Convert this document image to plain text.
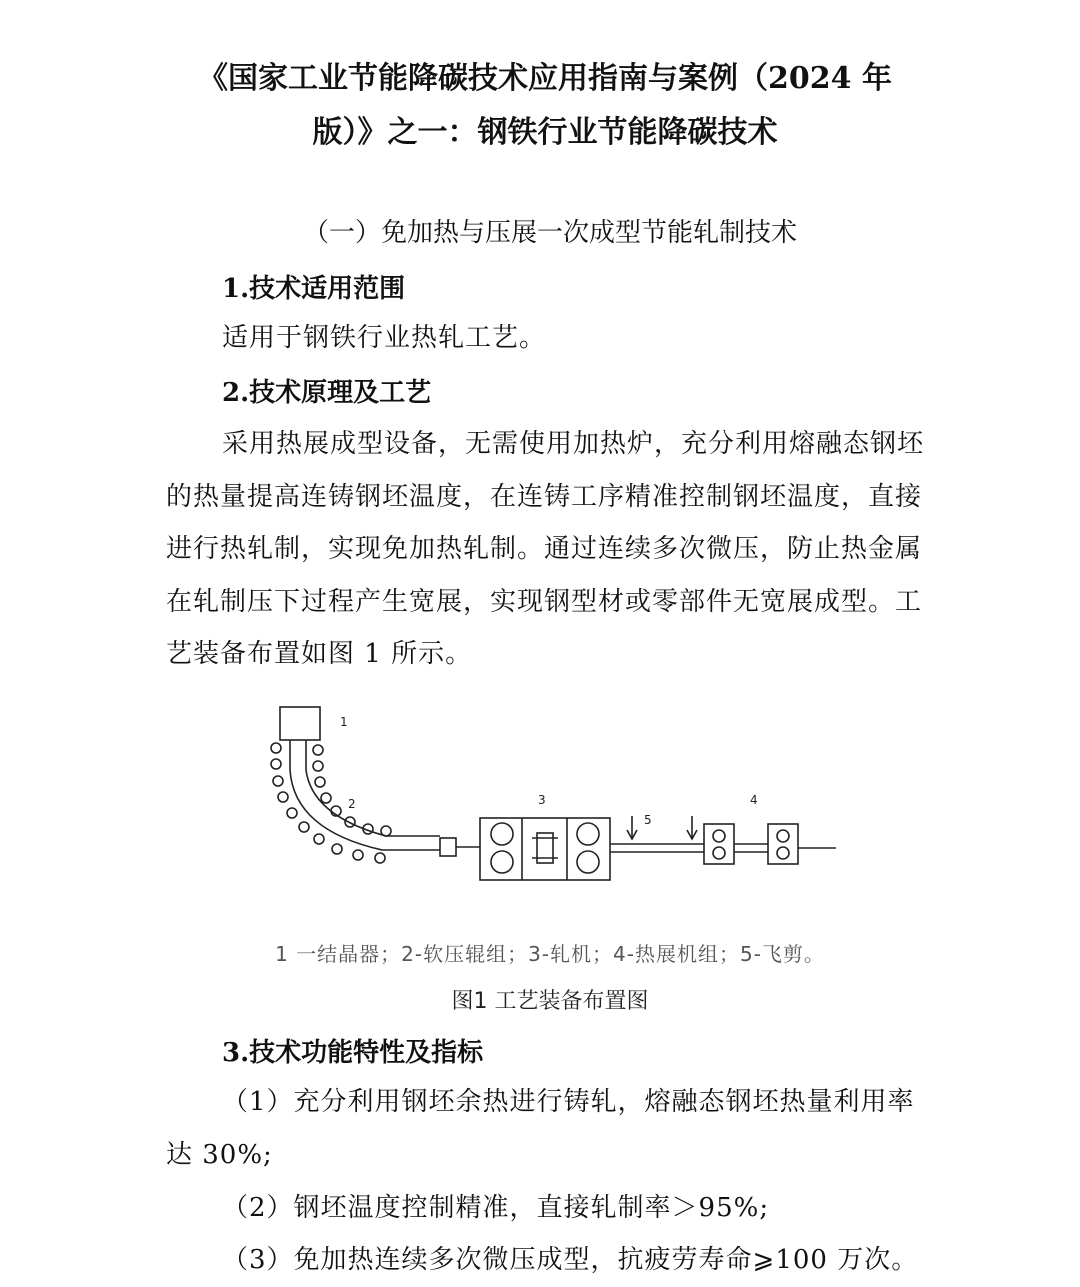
《国家工业节能降碳技术应用指南与案例（2024 年
版）》之一：钢铁行业节能降碳技术
（一）免加热与压展一次成型节能轧制技术
1.技术适用范围
适用于钢铁行业热轧工艺。
2.技术原理及工艺
采用热展成型设备，无需使用加热炉，充分利用熔融态钢坯的热量提高连铸钢坯温度，在连铸工序精准控制钢坯温度，直接进行热轧制，实现免加热轧制。通过连续多次微压，防止热金属在轧制压下过程产生宽展，实现钢型材或零部件无宽展成型。工艺装备布置如图 1 所示。
1
2	3	4
5
1 一结晶器；2-软压辊组；3-轧机；4-热展机组；5-飞剪。
图1 工艺装备布置图
3.技术功能特性及指标
（1）充分利用钢坯余热进行铸轧，熔融态钢坯热量利用率达 30%;
（2）钢坯温度控制精准，直接轧制率＞95%;
（3）免加热连续多次微压成型，抗疲劳寿命⩾100 万次。
